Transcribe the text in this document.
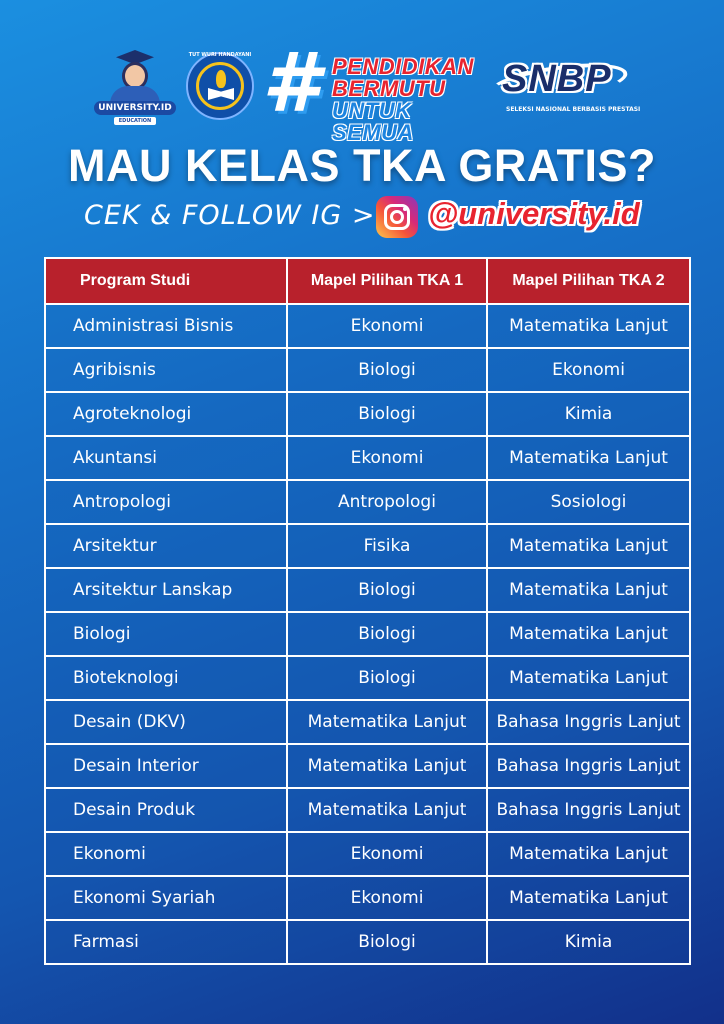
UNIVERSITY.ID
EDUCATION
TUT WURI HANDAYANI # PENDIDIKAN
BERMUTU
UNTUK SEMUA
SNBP
SELEKSI NASIONAL BERBASIS PRESTASI
MAU KELAS TKA GRATIS?
CEK & FOLLOW IG > @university.id
Program Studi	Mapel Pilihan TKA 1	Mapel Pilihan TKA 2
Administrasi Bisnis	Ekonomi	Matematika Lanjut
Agribisnis	Biologi	Ekonomi
Agroteknologi	Biologi	Kimia
Akuntansi	Ekonomi	Matematika Lanjut
Antropologi	Antropologi	Sosiologi
Arsitektur	Fisika	Matematika Lanjut
Arsitektur Lanskap	Biologi	Matematika Lanjut
Biologi	Biologi	Matematika Lanjut
Bioteknologi	Biologi	Matematika Lanjut
Desain (DKV)	Matematika Lanjut	Bahasa Inggris Lanjut
Desain Interior	Matematika Lanjut	Bahasa Inggris Lanjut
Desain Produk	Matematika Lanjut	Bahasa Inggris Lanjut
Ekonomi	Ekonomi	Matematika Lanjut
Ekonomi Syariah	Ekonomi	Matematika Lanjut
Farmasi	Biologi	Kimia
